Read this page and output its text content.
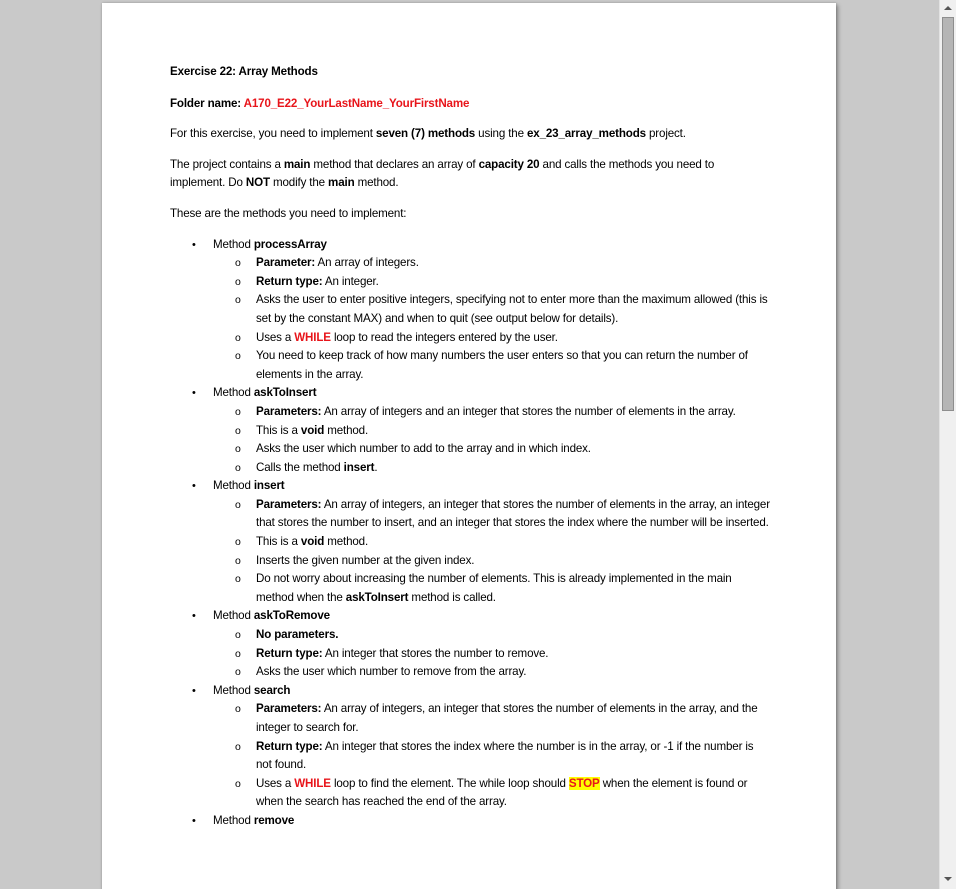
Exercise 22: Array Methods

Folder name: A170_E22_YourLastName_YourFirstName

For this exercise, you need to implement seven (7) methods using the ex_23_array_methods project.

The project contains a main method that declares an array of capacity 20 and calls the methods you need to implement. Do NOT modify the main method.

These are the methods you need to implement:

• Method processArray
o Parameter: An array of integers.
o Return type: An integer.
o Asks the user to enter positive integers, specifying not to enter more than the maximum allowed (this is set by the constant MAX) and when to quit (see output below for details).
o Uses a WHILE loop to read the integers entered by the user.
o You need to keep track of how many numbers the user enters so that you can return the number of elements in the array.
• Method askToInsert
o Parameters: An array of integers and an integer that stores the number of elements in the array.
o This is a void method.
o Asks the user which number to add to the array and in which index.
o Calls the method insert.
• Method insert
o Parameters: An array of integers, an integer that stores the number of elements in the array, an integer that stores the number to insert, and an integer that stores the index where the number will be inserted.
o This is a void method.
o Inserts the given number at the given index.
o Do not worry about increasing the number of elements. This is already implemented in the main method when the askToInsert method is called.
• Method askToRemove
o No parameters.
o Return type: An integer that stores the number to remove.
o Asks the user which number to remove from the array.
• Method search
o Parameters: An array of integers, an integer that stores the number of elements in the array, and the integer to search for.
o Return type: An integer that stores the index where the number is in the array, or -1 if the number is not found.
o Uses a WHILE loop to find the element. The while loop should STOP when the element is found or when the search has reached the end of the array.
• Method remove
